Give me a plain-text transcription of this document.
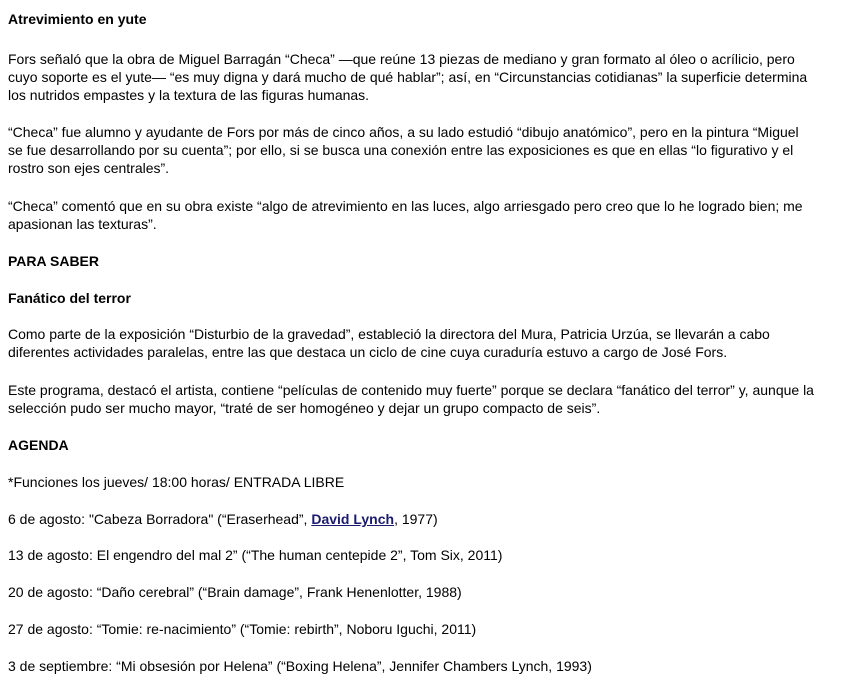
Atrevimiento en yute
Fors señaló que la obra de Miguel Barragán “Checa” —que reúne 13 piezas de mediano y gran formato al óleo o acrílicio, pero
cuyo soporte es el yute— “es muy digna y dará mucho de qué hablar”; así, en “Circunstancias cotidianas” la superficie determina
los nutridos empastes y la textura de las figuras humanas.
“Checa” fue alumno y ayudante de Fors por más de cinco años, a su lado estudió “dibujo anatómico”, pero en la pintura “Miguel
se fue desarrollando por su cuenta”; por ello, si se busca una conexión entre las exposiciones es que en ellas “lo figurativo y el
rostro son ejes centrales”.
“Checa” comentó que en su obra existe “algo de atrevimiento en las luces, algo arriesgado pero creo que lo he logrado bien; me
apasionan las texturas”.
PARA SABER
Fanático del terror
Como parte de la exposición “Disturbio de la gravedad”, estableció la directora del Mura, Patricia Urzúa, se llevarán a cabo
diferentes actividades paralelas, entre las que destaca un ciclo de cine cuya curaduría estuvo a cargo de José Fors.
Este programa, destacó el artista, contiene “películas de contenido muy fuerte” porque se declara “fanático del terror” y, aunque la
selección pudo ser mucho mayor, “traté de ser homogéneo y dejar un grupo compacto de seis”.
AGENDA
*Funciones los jueves/ 18:00 horas/ ENTRADA LIBRE
6 de agosto: "Cabeza Borradora" (“Eraserhead”, David Lynch, 1977)
13 de agosto: El engendro del mal 2” (“The human centepide 2”, Tom Six, 2011)
20 de agosto: “Daño cerebral” (“Brain damage”, Frank Henenlotter, 1988)
27 de agosto: “Tomie: re-nacimiento” (“Tomie: rebirth”, Noboru Iguchi, 2011)
3 de septiembre: “Mi obsesión por Helena” (“Boxing Helena”, Jennifer Chambers Lynch, 1993)
